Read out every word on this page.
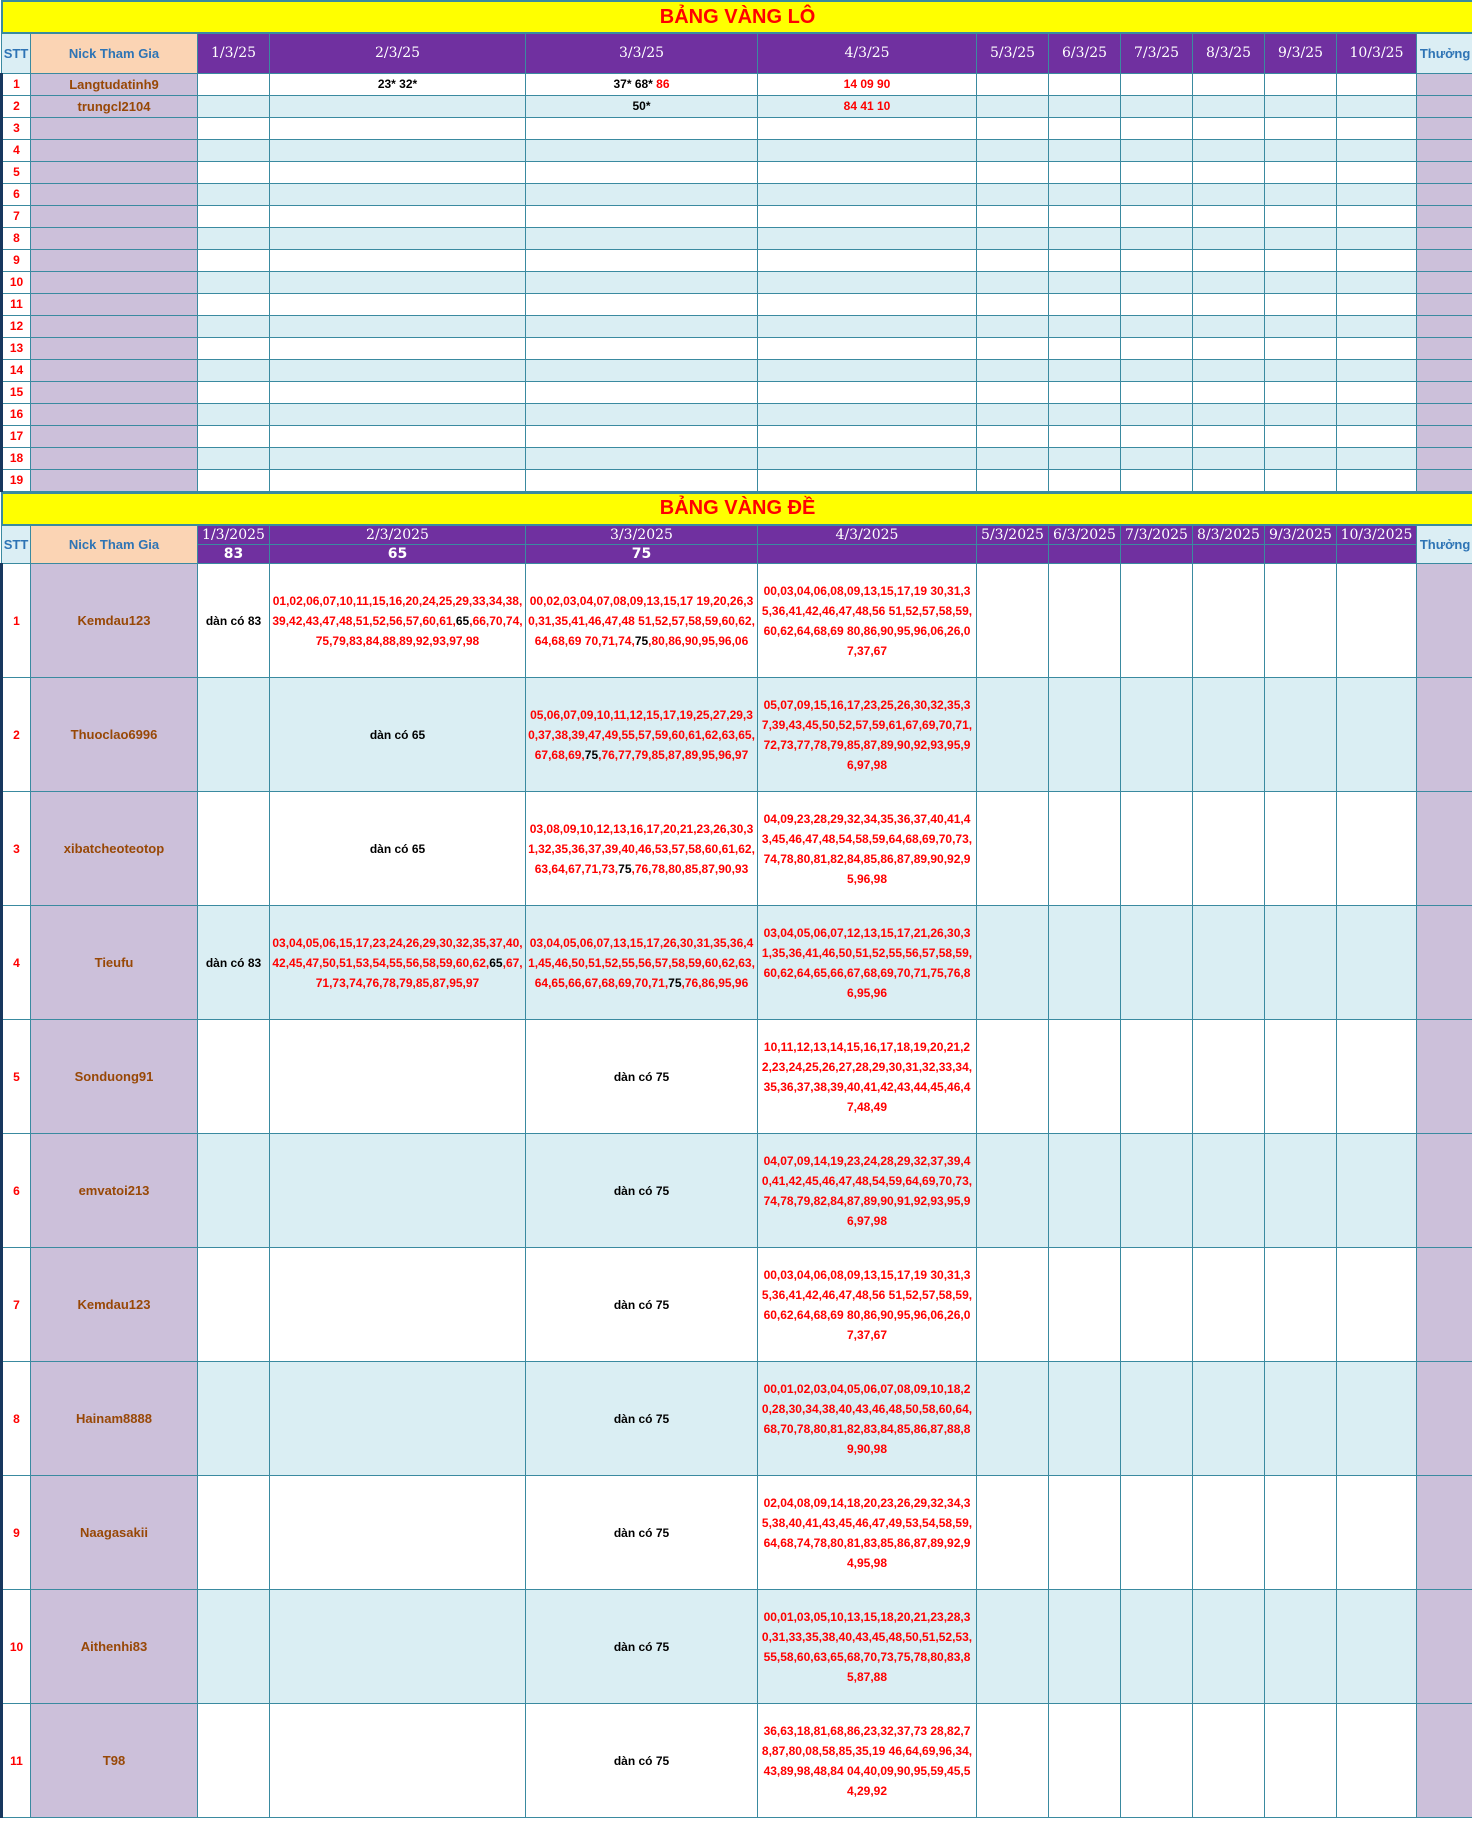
BẢNG VÀNG LÔ												
STT	Nick Tham Gia	1/3/25	2/3/25	3/3/25	4/3/25	5/3/25	6/3/25	7/3/25	8/3/25	9/3/25	10/3/25	Thưởng
1	Langtudatinh9		23* 32*	37* 68* 86	14 09 90							
2	trungcl2104			50*	84 41 10							
3												
4												
5												
6												
7												
8												
9												
10												
11												
12												
13												
14												
15												
16												
17												
18												
19												
BẢNG VÀNG ĐỀ												
STT	Nick Tham Gia	1/3/2025	2/3/2025	3/3/2025	4/3/2025	5/3/2025	6/3/2025	7/3/2025	8/3/2025	9/3/2025	10/3/2025	Thưởng
		83	65	75								
1	Kemdau123	dàn có 83	01,02,06,07,10,11,15,16,20,24,25,29,33,34,38,39,42,43,47,48,51,52,56,57,60,61,65,66,70,74,75,79,83,84,88,89,92,93,97,98	00,02,03,04,07,08,09,13,15,17 19,20,26,30,31,35,41,46,47,48 51,52,57,58,59,60,62,64,68,69 70,71,74,75,80,86,90,95,96,06	00,03,04,06,08,09,13,15,17,19 30,31,35,36,41,42,46,47,48,56 51,52,57,58,59,60,62,64,68,69 80,86,90,95,96,06,26,07,37,67							
2	Thuoclao6996		dàn có 65	05,06,07,09,10,11,12,15,17,19,25,27,29,30,37,38,39,47,49,55,57,59,60,61,62,63,65,67,68,69,75,76,77,79,85,87,89,95,96,97	05,07,09,15,16,17,23,25,26,30,32,35,37,39,43,45,50,52,57,59,61,67,69,70,71,72,73,77,78,79,85,87,89,90,92,93,95,96,97,98							
3	xibatcheoteotop		dàn có 65	03,08,09,10,12,13,16,17,20,21,23,26,30,31,32,35,36,37,39,40,46,53,57,58,60,61,62,63,64,67,71,73,75,76,78,80,85,87,90,93	04,09,23,28,29,32,34,35,36,37,40,41,43,45,46,47,48,54,58,59,64,68,69,70,73,74,78,80,81,82,84,85,86,87,89,90,92,95,96,98							
4	Tieufu	dàn có 83	03,04,05,06,15,17,23,24,26,29,30,32,35,37,40,42,45,47,50,51,53,54,55,56,58,59,60,62,65,67,71,73,74,76,78,79,85,87,95,97	03,04,05,06,07,13,15,17,26,30,31,35,36,41,45,46,50,51,52,55,56,57,58,59,60,62,63,64,65,66,67,68,69,70,71,75,76,86,95,96	03,04,05,06,07,12,13,15,17,21,26,30,31,35,36,41,46,50,51,52,55,56,57,58,59,60,62,64,65,66,67,68,69,70,71,75,76,86,95,96							
5	Sonduong91			dàn có 75	10,11,12,13,14,15,16,17,18,19,20,21,22,23,24,25,26,27,28,29,30,31,32,33,34,35,36,37,38,39,40,41,42,43,44,45,46,47,48,49							
6	emvatoi213			dàn có 75	04,07,09,14,19,23,24,28,29,32,37,39,40,41,42,45,46,47,48,54,59,64,69,70,73,74,78,79,82,84,87,89,90,91,92,93,95,96,97,98							
7	Kemdau123			dàn có 75	00,03,04,06,08,09,13,15,17,19 30,31,35,36,41,42,46,47,48,56 51,52,57,58,59,60,62,64,68,69 80,86,90,95,96,06,26,07,37,67							
8	Hainam8888			dàn có 75	00,01,02,03,04,05,06,07,08,09,10,18,20,28,30,34,38,40,43,46,48,50,58,60,64,68,70,78,80,81,82,83,84,85,86,87,88,89,90,98							
9	Naagasakii			dàn có 75	02,04,08,09,14,18,20,23,26,29,32,34,35,38,40,41,43,45,46,47,49,53,54,58,59,64,68,74,78,80,81,83,85,86,87,89,92,94,95,98							
10	Aithenhi83			dàn có 75	00,01,03,05,10,13,15,18,20,21,23,28,30,31,33,35,38,40,43,45,48,50,51,52,53,55,58,60,63,65,68,70,73,75,78,80,83,85,87,88							
11	T98			dàn có 75	36,63,18,81,68,86,23,32,37,73 28,82,78,87,80,08,58,85,35,19 46,64,69,96,34,43,89,98,48,84 04,40,09,90,95,59,45,54,29,92							
